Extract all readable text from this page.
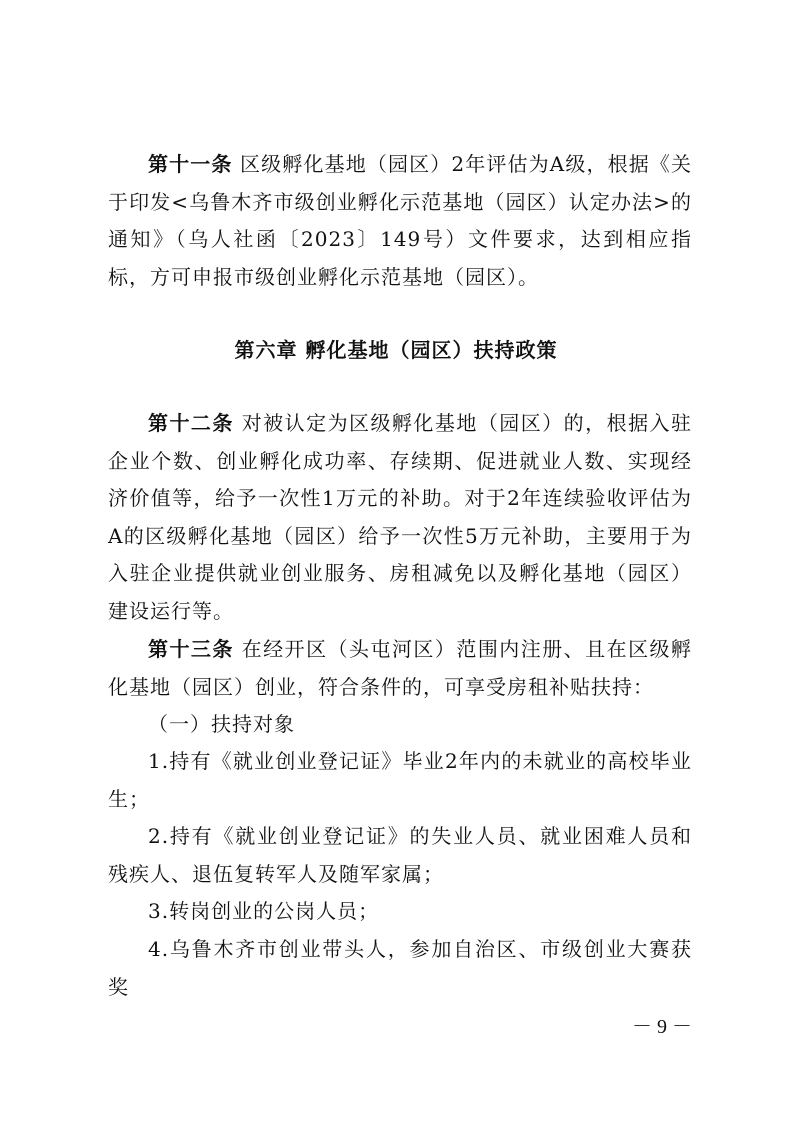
第十一条 区级孵化基地（园区）2年评估为A级，根据《关于印发<乌鲁木齐市级创业孵化示范基地（园区）认定办法>的通知》（乌人社函〔2023〕149号）文件要求，达到相应指标，方可申报市级创业孵化示范基地（园区）。

第六章 孵化基地（园区）扶持政策

第十二条 对被认定为区级孵化基地（园区）的，根据入驻企业个数、创业孵化成功率、存续期、促进就业人数、实现经济价值等，给予一次性1万元的补助。对于2年连续验收评估为A的区级孵化基地（园区）给予一次性5万元补助，主要用于为入驻企业提供就业创业服务、房租减免以及孵化基地（园区）建设运行等。

第十三条 在经开区（头屯河区）范围内注册、且在区级孵化基地（园区）创业，符合条件的，可享受房租补贴扶持：

（一）扶持对象

1.持有《就业创业登记证》毕业2年内的未就业的高校毕业生；

2.持有《就业创业登记证》的失业人员、就业困难人员和残疾人、退伍复转军人及随军家属；

3.转岗创业的公岗人员；

4.乌鲁木齐市创业带头人，参加自治区、市级创业大赛获奖

－ 9 －
